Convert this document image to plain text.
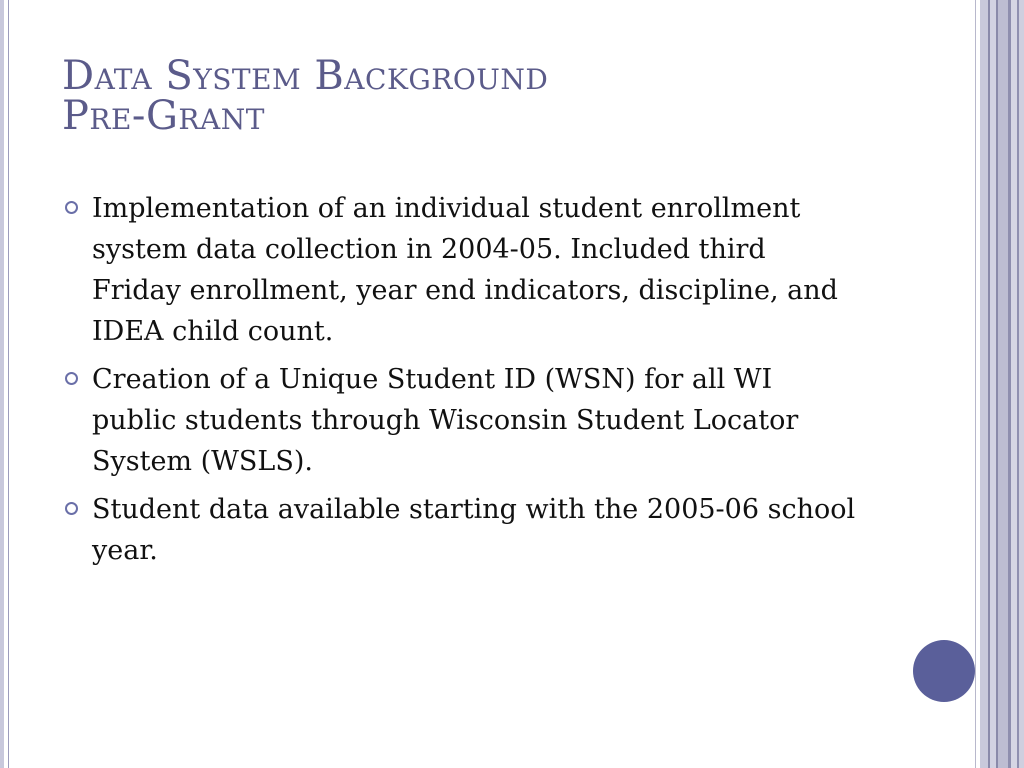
Data System Background
Pre-Grant
Implementation of an individual student enrollment system data collection in 2004-05. Included third Friday enrollment, year end indicators, discipline, and IDEA child count.
Creation of a Unique Student ID (WSN) for all WI public students through Wisconsin Student Locator System (WSLS).
Student data available starting with the 2005-06 school year.
